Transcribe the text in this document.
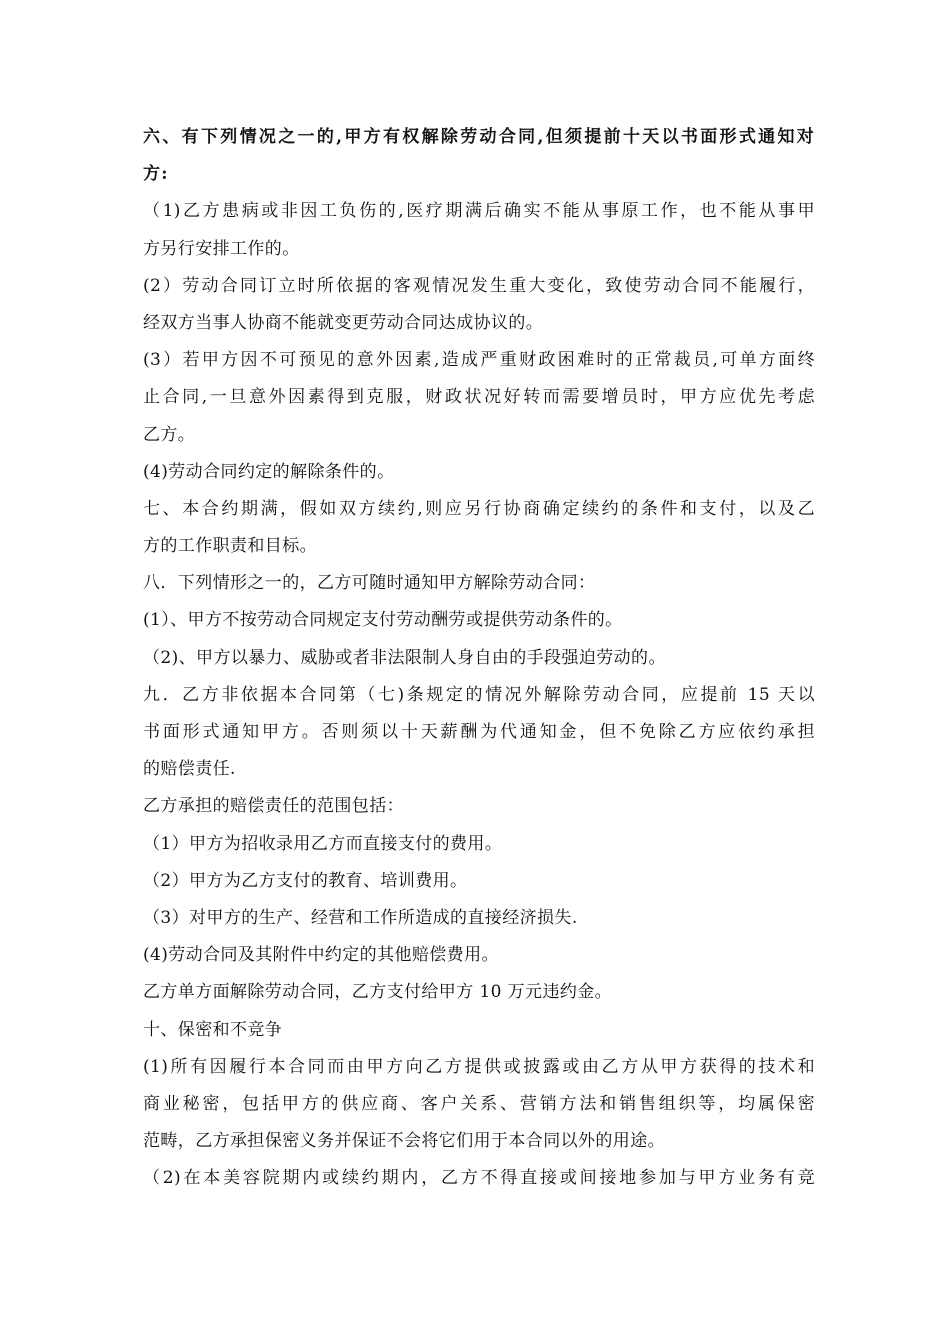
六、有下列情况之一的,甲方有权解除劳动合同,但须提前十天以书面形式通知对
方:
（1)乙方患病或非因工负伤的,医疗期满后确实不能从事原工作，也不能从事甲
方另行安排工作的。
(2）劳动合同订立时所依据的客观情况发生重大变化，致使劳动合同不能履行，
经双方当事人协商不能就变更劳动合同达成协议的。
(3）若甲方因不可预见的意外因素,造成严重财政困难时的正常裁员,可单方面终
止合同,一旦意外因素得到克服，财政状况好转而需要增员时，甲方应优先考虑
乙方。
(4)劳动合同约定的解除条件的。
七、本合约期满，假如双方续约,则应另行协商确定续约的条件和支付，以及乙
方的工作职责和目标。
八．下列情形之一的，乙方可随时通知甲方解除劳动合同：
(1）、甲方不按劳动合同规定支付劳动酬劳或提供劳动条件的。
（2)、甲方以暴力、威胁或者非法限制人身自由的手段强迫劳动的。
九．乙方非依据本合同第（七)条规定的情况外解除劳动合同，应提前 15 天以
书面形式通知甲方。否则须以十天薪酬为代通知金，但不免除乙方应依约承担
的赔偿责任.
乙方承担的赔偿责任的范围包括：
（1）甲方为招收录用乙方而直接支付的费用。
（2）甲方为乙方支付的教育、培训费用。
（3）对甲方的生产、经营和工作所造成的直接经济损失.
(4)劳动合同及其附件中约定的其他赔偿费用。
乙方单方面解除劳动合同，乙方支付给甲方 10 万元违约金。
十、保密和不竞争
(1)所有因履行本合同而由甲方向乙方提供或披露或由乙方从甲方获得的技术和
商业秘密，包括甲方的供应商、客户关系、营销方法和销售组织等，均属保密
范畴，乙方承担保密义务并保证不会将它们用于本合同以外的用途。
（2)在本美容院期内或续约期内，乙方不得直接或间接地参加与甲方业务有竞
